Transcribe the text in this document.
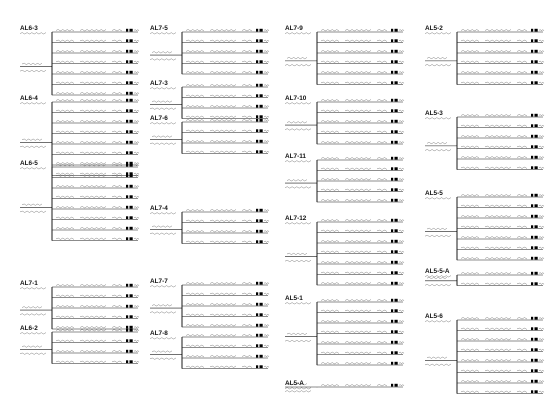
AL6-3
AL6-4
AL6-5
AL7-1
AL6-2
AL7-5
AL7-3
AL7-6
AL7-4
AL7-7
AL7-8
AL7-9
AL7-10
AL7-11
AL7-12
AL5-1
AL5-A
AL5-2
AL5-3
AL5-5
AL5-5-A
AL5-6
